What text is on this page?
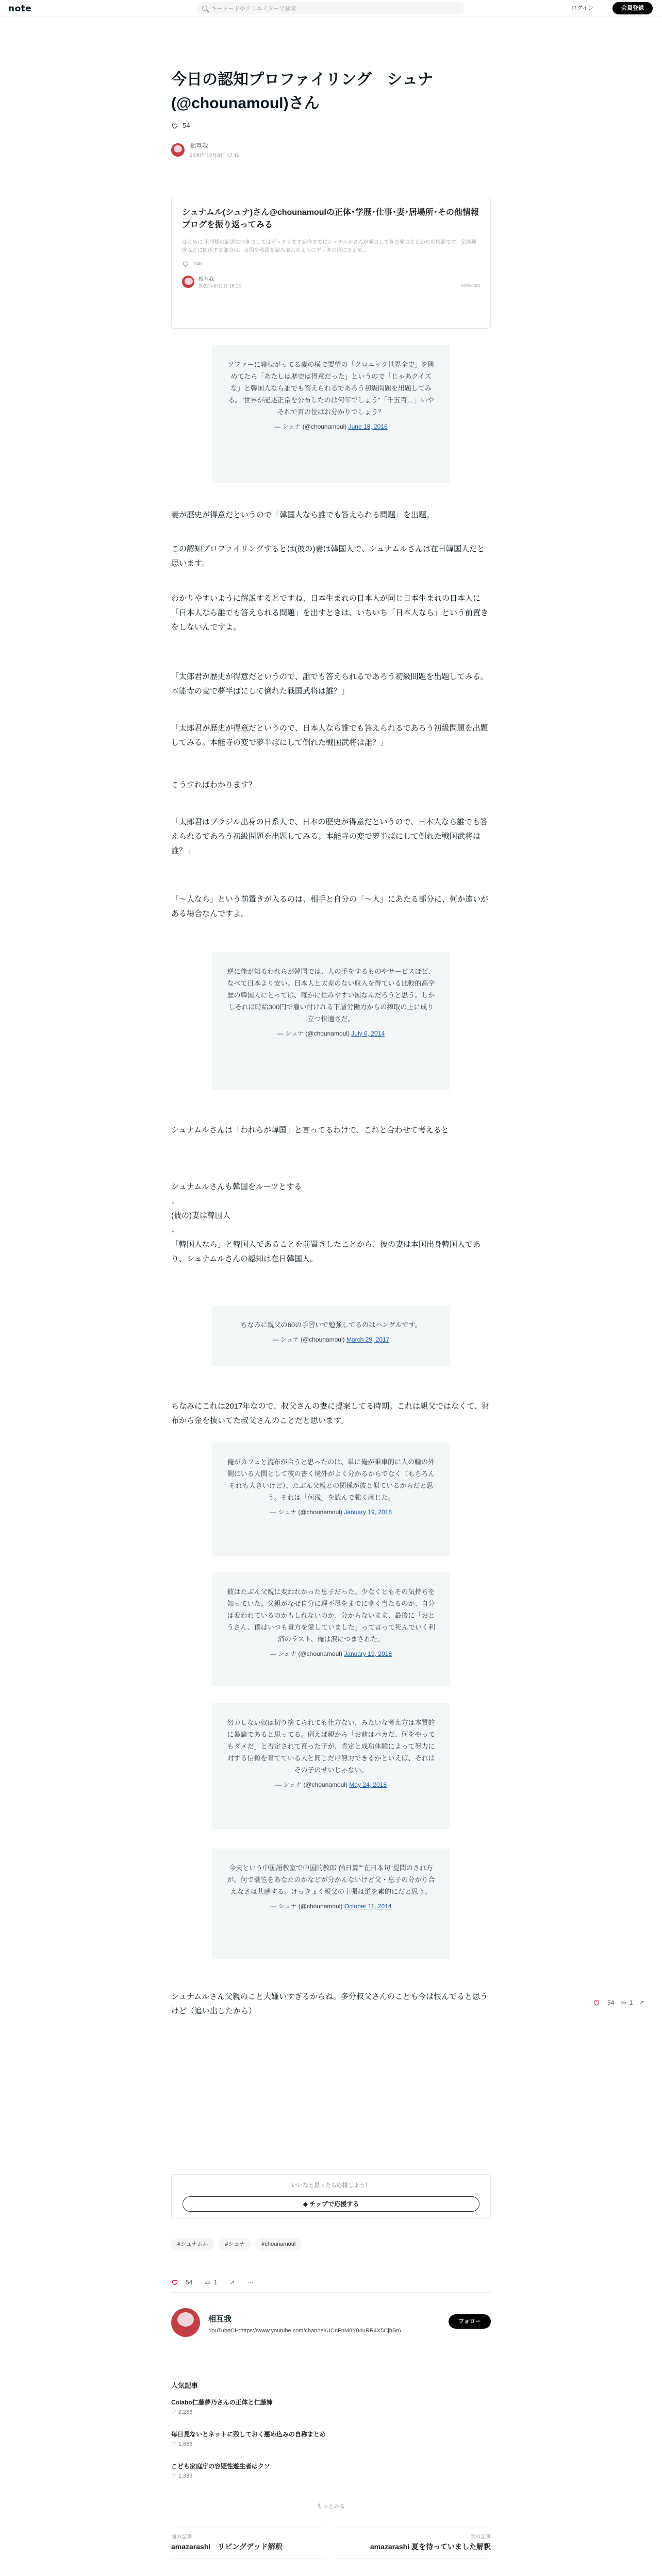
note	キーワードやクリエイターで検索	ログイン	会員登録
今日の認知プロファイリング　シュナ(@chounamoul)さん
54
相互我
2020年12月8日 17:13
シュナムル(シュナ)さん@chounamoulの正体･学歴･仕事･妻･居場所･その他情報ブログを振り返ってみる
はじめに 上司様の記述につきましてはザックリですが今までにシュナムルさんが発言してきた発言などからの推測です。家族構成などに関係する部分は、目的や意図を読み取れるようにデータの形にまとめ...
246
相互我
2022年6月1日 18:13	note.com
ツファーに寝転がってる妻の横で要望の「クロニック世界全史」を眺めてたら「あたしは歴史は得意だった」というので「じゃあクイズな」と韓国人なら誰でも答えられるであろう初級問題を出題してみる。"世界が記述正常を公布したのは何年でしょう"「千五百…」いやそれで百の位はお分かりでしょう？
— シュナ (@chounamoul) June 18, 2016

妻が歴史が得意だというので「韓国人なら誰でも答えられる問題」を出題。

この認知プロファイリングするとは(彼の)妻は韓国人で、シュナムルさんは在日韓国人だと思います。

わかりやすいように解説するとですね、日本生まれの日本人が同じ日本生まれの日本人に「日本人なら誰でも答えられる問題」を出すときは、いちいち「日本人なら」という前置きをしないんですよ。

「太郎君が歴史が得意だというので、誰でも答えられるであろう初級問題を出題してみる。本能寺の変で夢半ばにして倒れた戦国武将は誰？」

「太郎君が歴史が得意だというので、日本人なら誰でも答えられるであろう初級問題を出題してみる。本能寺の変で夢半ばにして倒れた戦国武将は誰？」

こうすればわかります？

「太郎君はブラジル出身の日系人で、日本の歴史が得意だというので、日本人なら誰でも答えられるであろう初級問題を出題してみる。本能寺の変で夢半ばにして倒れた戦国武将は誰？」

「〜人なら」という前置きが入るのは、相手と自分の「〜人」にあたる部分に、何か違いがある場合なんですよ。

逆に俺が知るわれらが韓国では、人の手をするものやサービスほど、なべて日本より安い。日本人と大差のない収入を得ている比較的高学歴の韓国人にとっては、確かに住みやすい国なんだろうと思う。しかしそれは時給300円で雇い付けれる下層労働力からの搾取の上に成り立つ快適さだ。
— シュナ (@chounamoul) July 6, 2014

シュナムルさんは「われらが韓国」と言ってるわけで、これと合わせて考えると

シュナムルさんも韓国をルーツとする

↓

(彼の)妻は韓国人

↓

「韓国人なら」と韓国人であることを前置きしたことから、彼の妻は本国出身韓国人であり、シュナムルさんの認知は在日韓国人。

ちなみに親父の60の手習いで勉強してるのはハングルです。
— シュナ (@chounamoul) March 29, 2017

ちなみにこれは2017年なので、叔父さんの妻に提案してる時期。これは親父ではなくて、財布から金を抜いてた叔父さんのことだと思います。

俺がカフェと流布が合うと思ったのは、単に俺が乗車的に人の輪の外側にいる人間として彼の書く境外がよく分かるからでなく（もちろんそれも大きいけど）、たぶん父親との関係が彼と似ているからだと思う。それは「何浅」を読んで強く感じた。
— シュナ (@chounamoul) January 19, 2018
彼はたぶん父親に変われかった息子だった。少なくともその気持ちを知っていた。父親がなぜ自分に理不尽をまでに傘く当たるのか、自分は変われているのかもしれないのか、分からないまま、最後に「おとうさん、僕はいつも貴方を愛していました」って言って死んでいく利済のラスト、俺は涙につまされた。
— シュナ (@chounamoul) January 19, 2018
努力しない奴は切り捨てられても仕方ない、みたいな考え方は本質的に暴論であると思ってる。例えば親から「お前はバカだ、何をやってもダメだ」と否定されて育った子が、肯定と成功体験によって努力に対する信頼を育てている人と同じだけ努力できるかといえば、それはその子のせいじゃない。
— シュナ (@chounamoul) May 24, 2018
今天という中国語教室で中国的教郎"尚日算""在日本句"提問のされ方が。何で蓑笠をあなたのかなどが分かんないけど父・息子の分かり合えなさは共感する。けっきょく親父の主張は道を素的にだと思う。
— シュナ (@chounamoul) October 11, 2014

シュナムルさん父親のこと大嫌いすぎるからね。多分叔父さんのことも今は恨んでると思うけど（追い出したから）

54 ▭ 1 ↗
いいなと思ったら応援しよう！
◆ チップで応援する
#シュナムル	#シュナ	#chounamoul
54 ▭ 1 ↗ ···
相互我
YouTubeCH:https://www.youtube.com/channel/UCnFnM8Y04uRR4X5CjhBr6
フォロー
人気記事
Colabo仁藤夢乃さんの正体と仁藤姉
♡ 2,286
毎日見ないとネットに残しておく悪め込みの自称まとめ
♡ 1,666
こども家庭庁の容疑性遊生者はクソ
♡ 1,389
もっとみる
前の記事
amazarashi　リビングデッド解釈
次の記事
amazarashi 夏を待っていました解釈
